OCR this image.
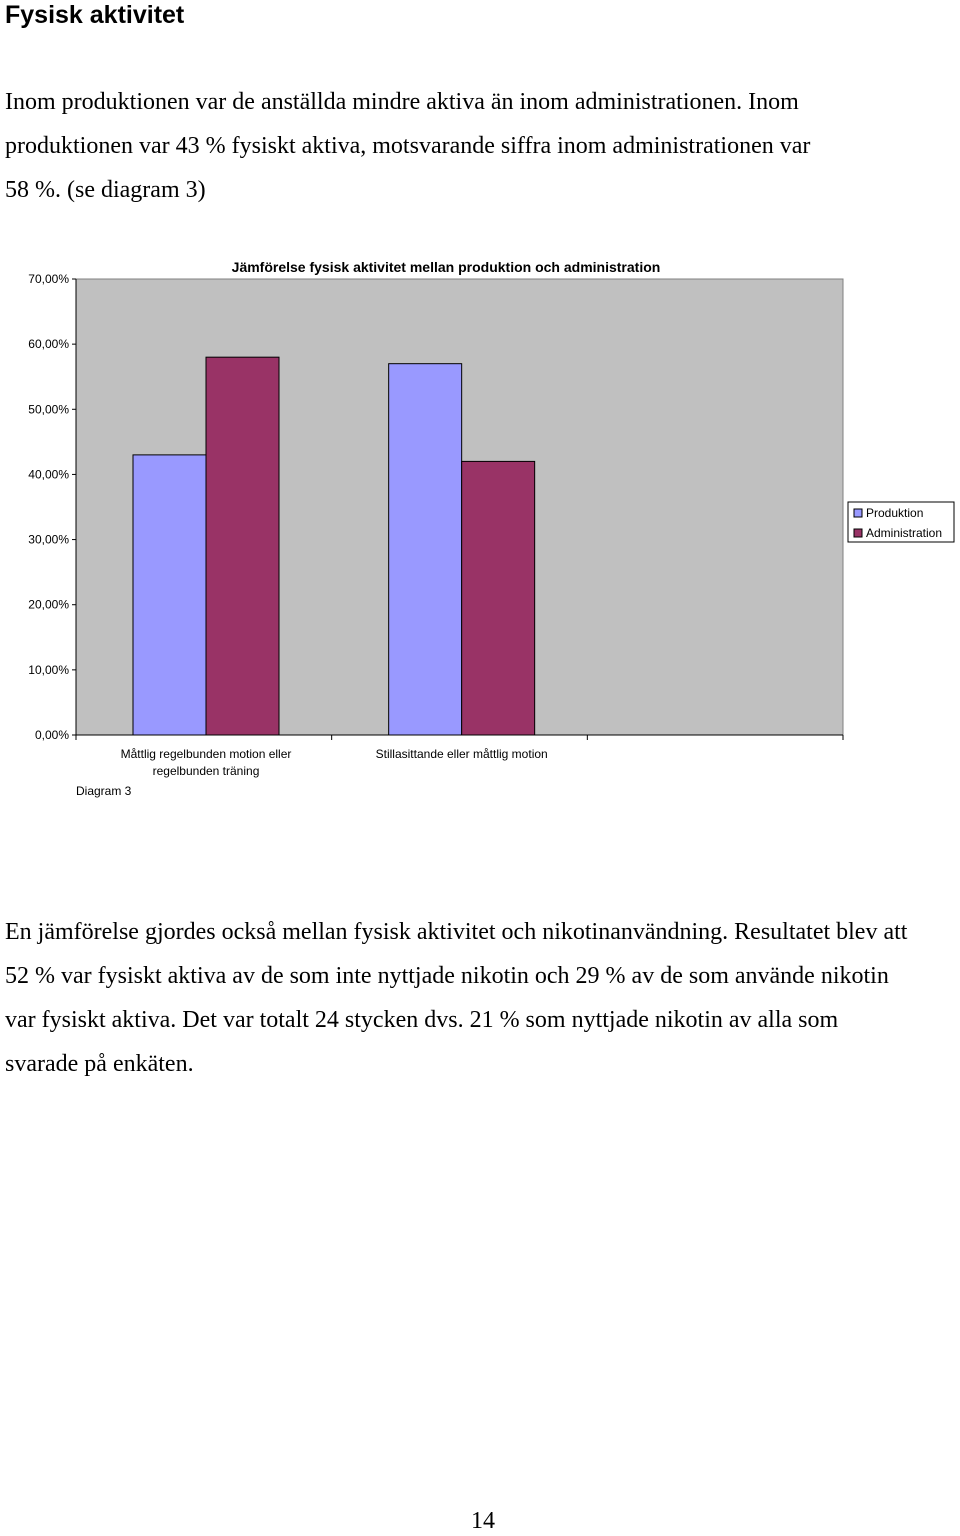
Fysisk aktivitet

Inom produktionen var de anställda mindre aktiva än inom administrationen. Inom
produktionen var 43 % fysiskt aktiva, motsvarande siffra inom administrationen var
58 %. (se diagram 3)

0,00%
10,00%
20,00%
30,00%
40,00%
50,00%
60,00%
70,00%
Måttlig regelbunden motion eller
regelbunden träning
Stillasittande eller måttlig motion
Jämförelse fysisk aktivitet mellan produktion och administration
Diagram 3
Produktion
Administration

En jämförelse gjordes också mellan fysisk aktivitet och nikotinanvändning. Resultatet blev att
52 % var fysiskt aktiva av de som inte nyttjade nikotin och 29 % av de som använde nikotin
var fysiskt aktiva. Det var totalt 24 stycken dvs. 21 % som nyttjade nikotin av alla som
svarade på enkäten.

14
